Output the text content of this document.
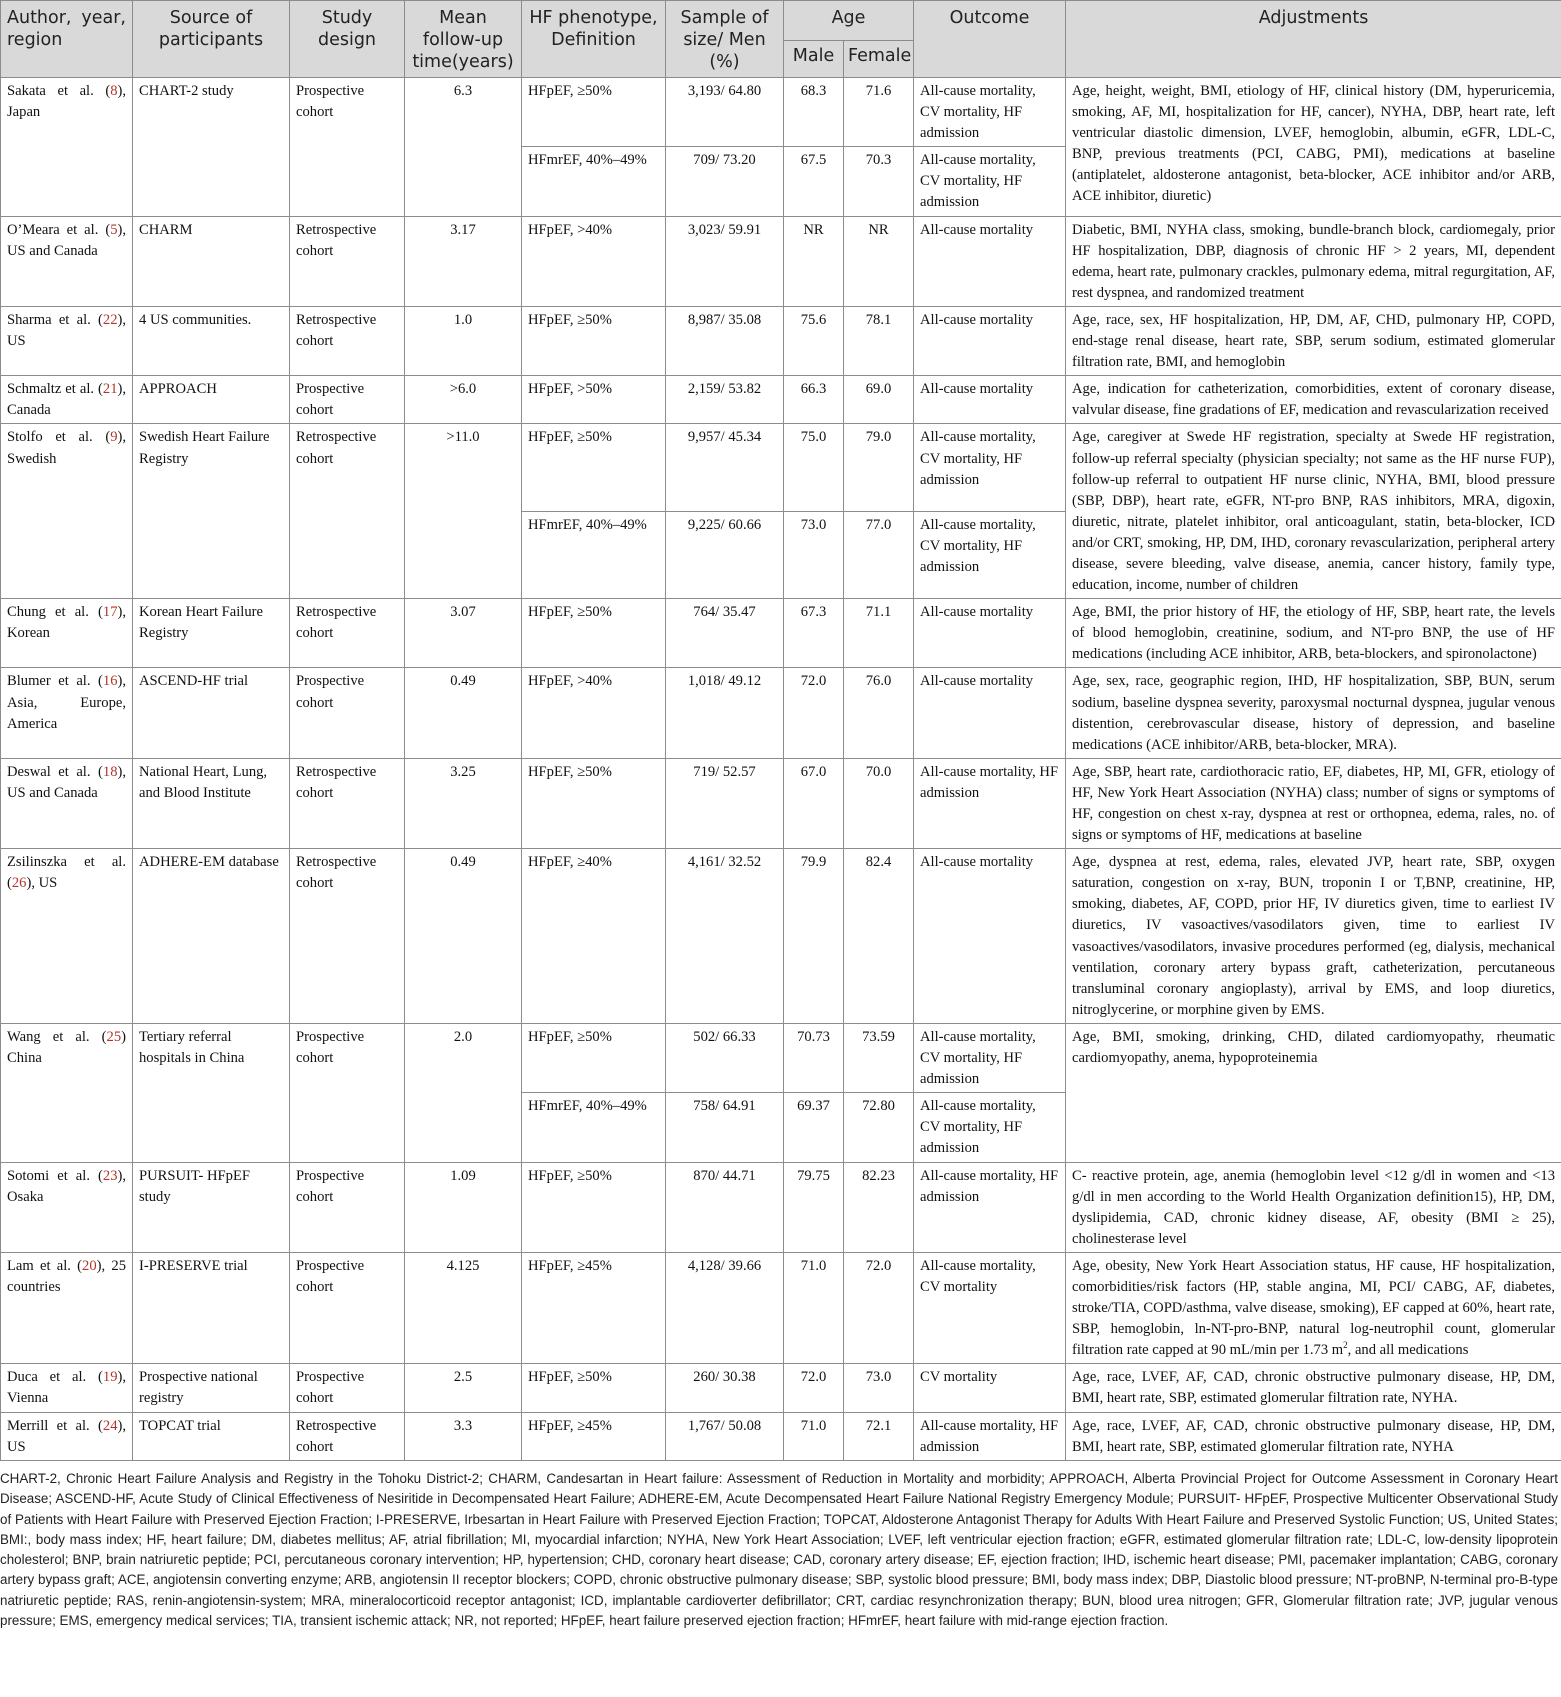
Author, year, region	Source of participants	Study design	Mean follow-up time(years)	HF phenotype, Definition	Sample of size/ Men (%)	Age		Outcome	Adjustments
						Male	Female		
Sakata et al. (8), Japan	CHART-2 study	Prospective cohort	6.3	HFpEF, ≥50%	3,193/ 64.80	68.3	71.6	All-cause mortality, CV mortality, HF admission	Age, height, weight, BMI, etiology of HF, clinical history (DM, hyperuricemia, smoking, AF, MI, hospitalization for HF, cancer), NYHA, DBP, heart rate, left ventricular diastolic dimension, LVEF, hemoglobin, albumin, eGFR, LDL-C, BNP, previous treatments (PCI, CABG, PMI), medications at baseline (antiplatelet, aldosterone antagonist, beta-blocker, ACE inhibitor and/or ARB, ACE inhibitor, diuretic)
				HFmrEF, 40%–49%	709/ 73.20	67.5	70.3	All-cause mortality, CV mortality, HF admission	
O’Meara et al. (5), US and Canada	CHARM	Retrospective cohort	3.17	HFpEF, >40%	3,023/ 59.91	NR	NR	All-cause mortality	Diabetic, BMI, NYHA class, smoking, bundle-branch block, cardiomegaly, prior HF hospitalization, DBP, diagnosis of chronic HF > 2 years, MI, dependent edema, heart rate, pulmonary crackles, pulmonary edema, mitral regurgitation, AF, rest dyspnea, and randomized treatment
Sharma et al. (22), US	4 US communities.	Retrospective cohort	1.0	HFpEF, ≥50%	8,987/ 35.08	75.6	78.1	All-cause mortality	Age, race, sex, HF hospitalization, HP, DM, AF, CHD, pulmonary HP, COPD, end-stage renal disease, heart rate, SBP, serum sodium, estimated glomerular filtration rate, BMI, and hemoglobin
Schmaltz et al. (21), Canada	APPROACH	Prospective cohort	>6.0	HFpEF, >50%	2,159/ 53.82	66.3	69.0	All-cause mortality	Age, indication for catheterization, comorbidities, extent of coronary disease, valvular disease, fine gradations of EF, medication and revascularization received
Stolfo et al. (9), Swedish	Swedish Heart Failure Registry	Retrospective cohort	>11.0	HFpEF, ≥50%	9,957/ 45.34	75.0	79.0	All-cause mortality, CV mortality, HF admission	Age, caregiver at Swede HF registration, specialty at Swede HF registration, follow-up referral specialty (physician specialty; not same as the HF nurse FUP), follow-up referral to outpatient HF nurse clinic, NYHA, BMI, blood pressure (SBP, DBP), heart rate, eGFR, NT-pro BNP, RAS inhibitors, MRA, digoxin, diuretic, nitrate, platelet inhibitor, oral anticoagulant, statin, beta-blocker, ICD and/or CRT, smoking, HP, DM, IHD, coronary revascularization, peripheral artery disease, severe bleeding, valve disease, anemia, cancer history, family type, education, income, number of children
				HFmrEF, 40%–49%	9,225/ 60.66	73.0	77.0	All-cause mortality, CV mortality, HF admission	
Chung et al. (17), Korean	Korean Heart Failure Registry	Retrospective cohort	3.07	HFpEF, ≥50%	764/ 35.47	67.3	71.1	All-cause mortality	Age, BMI, the prior history of HF, the etiology of HF, SBP, heart rate, the levels of blood hemoglobin, creatinine, sodium, and NT-pro BNP, the use of HF medications (including ACE inhibitor, ARB, beta-blockers, and spironolactone)
Blumer et al. (16), Asia, Europe, America	ASCEND-HF trial	Prospective cohort	0.49	HFpEF, >40%	1,018/ 49.12	72.0	76.0	All-cause mortality	Age, sex, race, geographic region, IHD, HF hospitalization, SBP, BUN, serum sodium, baseline dyspnea severity, paroxysmal nocturnal dyspnea, jugular venous distention, cerebrovascular disease, history of depression, and baseline medications (ACE inhibitor/ARB, beta-blocker, MRA).
Deswal et al. (18), US and Canada	National Heart, Lung, and Blood Institute	Retrospective cohort	3.25	HFpEF, ≥50%	719/ 52.57	67.0	70.0	All-cause mortality, HF admission	Age, SBP, heart rate, cardiothoracic ratio, EF, diabetes, HP, MI, GFR, etiology of HF, New York Heart Association (NYHA) class; number of signs or symptoms of HF, congestion on chest x-ray, dyspnea at rest or orthopnea, edema, rales, no. of signs or symptoms of HF, medications at baseline
Zsilinszka et al. (26), US	ADHERE-EM database	Retrospective cohort	0.49	HFpEF, ≥40%	4,161/ 32.52	79.9	82.4	All-cause mortality	Age, dyspnea at rest, edema, rales, elevated JVP, heart rate, SBP, oxygen saturation, congestion on x-ray, BUN, troponin I or T,BNP, creatinine, HP, smoking, diabetes, AF, COPD, prior HF, IV diuretics given, time to earliest IV diuretics, IV vasoactives/vasodilators given, time to earliest IV vasoactives/vasodilators, invasive procedures performed (eg, dialysis, mechanical ventilation, coronary artery bypass graft, catheterization, percutaneous transluminal coronary angioplasty), arrival by EMS, and loop diuretics, nitroglycerine, or morphine given by EMS.
Wang et al. (25) China	Tertiary referral hospitals in China	Prospective cohort	2.0	HFpEF, ≥50%	502/ 66.33	70.73	73.59	All-cause mortality, CV mortality, HF admission	Age, BMI, smoking, drinking, CHD, dilated cardiomyopathy, rheumatic cardiomyopathy, anema, hypoproteinemia
				HFmrEF, 40%–49%	758/ 64.91	69.37	72.80	All-cause mortality, CV mortality, HF admission	
Sotomi et al. (23), Osaka	PURSUIT- HFpEF study	Prospective cohort	1.09	HFpEF, ≥50%	870/ 44.71	79.75	82.23	All-cause mortality, HF admission	C- reactive protein, age, anemia (hemoglobin level <12 g/dl in women and <13 g/dl in men according to the World Health Organization definition15), HP, DM, dyslipidemia, CAD, chronic kidney disease, AF, obesity (BMI ≥ 25), cholinesterase level
Lam et al. (20), 25 countries	I-PRESERVE trial	Prospective cohort	4.125	HFpEF, ≥45%	4,128/ 39.66	71.0	72.0	All-cause mortality, CV mortality	Age, obesity, New York Heart Association status, HF cause, HF hospitalization, comorbidities/risk factors (HP, stable angina, MI, PCI/ CABG, AF, diabetes, stroke/TIA, COPD/asthma, valve disease, smoking), EF capped at 60%, heart rate, SBP, hemoglobin, ln-NT-pro-BNP, natural log-neutrophil count, glomerular filtration rate capped at 90 mL/min per 1.73 $m^2$, and all medications
Duca et al. (19), Vienna	Prospective national registry	Prospective cohort	2.5	HFpEF, ≥50%	260/ 30.38	72.0	73.0	CV mortality	Age, race, LVEF, AF, CAD, chronic obstructive pulmonary disease, HP, DM, BMI, heart rate, SBP, estimated glomerular filtration rate, NYHA.
Merrill et al. (24), US	TOPCAT trial	Retrospective cohort	3.3	HFpEF, ≥45%	1,767/ 50.08	71.0	72.1	All-cause mortality, HF admission	Age, race, LVEF, AF, CAD, chronic obstructive pulmonary disease, HP, DM, BMI, heart rate, SBP, estimated glomerular filtration rate, NYHA

CHART-2, Chronic Heart Failure Analysis and Registry in the Tohoku District-2; CHARM, Candesartan in Heart failure: Assessment of Reduction in Mortality and morbidity; APPROACH, Alberta Provincial Project for Outcome Assessment in Coronary Heart Disease; ASCEND-HF, Acute Study of Clinical Effectiveness of Nesiritide in Decompensated Heart Failure; ADHERE-EM, Acute Decompensated Heart Failure National Registry Emergency Module; PURSUIT- HFpEF, Prospective Multicenter Observational Study of Patients with Heart Failure with Preserved Ejection Fraction; I-PRESERVE, Irbesartan in Heart Failure with Preserved Ejection Fraction; TOPCAT, Aldosterone Antagonist Therapy for Adults With Heart Failure and Preserved Systolic Function; US, United States; BMI:, body mass index; HF, heart failure; DM, diabetes mellitus; AF, atrial fibrillation; MI, myocardial infarction; NYHA, New York Heart Association; LVEF, left ventricular ejection fraction; eGFR, estimated glomerular filtration rate; LDL-C, low-density lipoprotein cholesterol; BNP, brain natriuretic peptide; PCI, percutaneous coronary intervention; HP, hypertension; CHD, coronary heart disease; CAD, coronary artery disease; EF, ejection fraction; IHD, ischemic heart disease; PMI, pacemaker implantation; CABG, coronary artery bypass graft; ACE, angiotensin converting enzyme; ARB, angiotensin II receptor blockers; COPD, chronic obstructive pulmonary disease; SBP, systolic blood pressure; BMI, body mass index; DBP, Diastolic blood pressure; NT-proBNP, N-terminal pro-B-type natriuretic peptide; RAS, renin-angiotensin-system; MRA, mineralocorticoid receptor antagonist; ICD, implantable cardioverter defibrillator; CRT, cardiac resynchronization therapy; BUN, blood urea nitrogen; GFR, Glomerular filtration rate; JVP, jugular venous pressure; EMS, emergency medical services; TIA, transient ischemic attack; NR, not reported; HFpEF, heart failure preserved ejection fraction; HFmrEF, heart failure with mid-range ejection fraction.
